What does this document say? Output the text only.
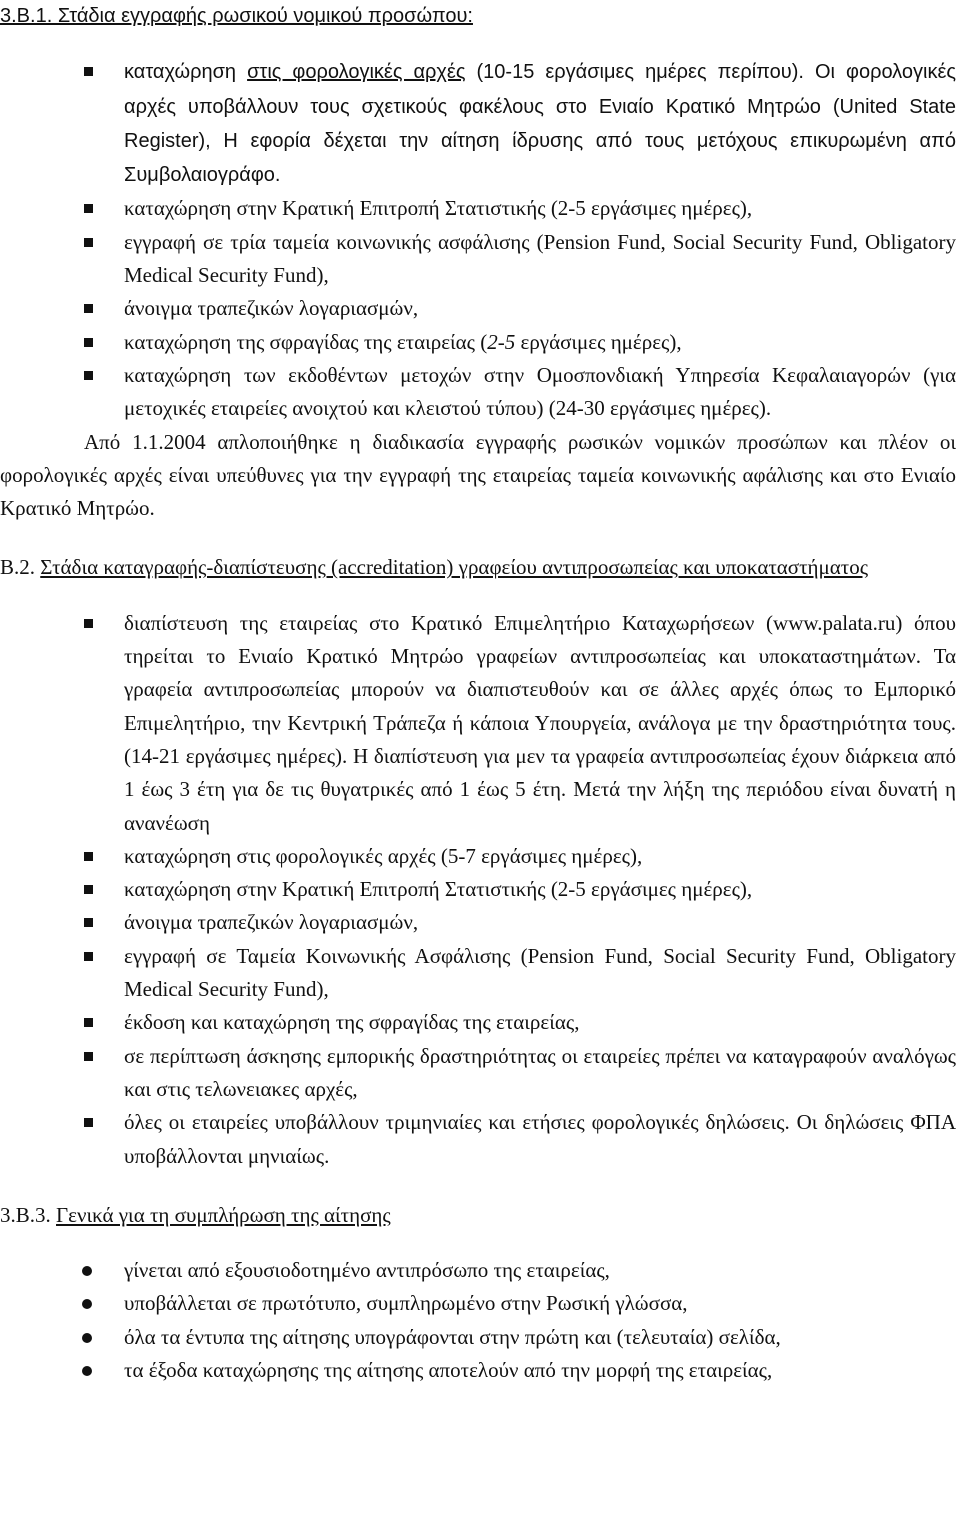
3.Β.1. Στάδια εγγραφής ρωσικού νομικού προσώπου:

καταχώρηση στις φορολογικές αρχές (10-15 εργάσιμες ημέρες περίπου). Οι φορολογικές αρχές υποβάλλουν τους σχετικούς φακέλους στο Ενιαίο Κρατικό Μητρώο (United State Register), Η εφορία δέχεται την αίτηση ίδρυσης από τους μετόχους επικυρωμένη από Συμβολαιογράφο.
καταχώρηση στην Κρατική Επιτροπή Στατιστικής (2-5 εργάσιμες ημέρες),
εγγραφή σε τρία ταμεία κοινωνικής ασφάλισης (Pension Fund, Social Security Fund, Obligatory Medical Security Fund),
άνοιγμα τραπεζικών λογαριασμών,
καταχώρηση της σφραγίδας της εταιρείας (2-5 εργάσιμες ημέρες),
καταχώρηση των εκδοθέντων μετοχών στην Ομοσπονδιακή Υπηρεσία Κεφαλαιαγορών (για μετοχικές εταιρείες ανοιχτού και κλειστού τύπου) (24-30 εργάσιμες ημέρες).

Από 1.1.2004 απλοποιήθηκε η διαδικασία εγγραφής ρωσικών νομικών προσώπων και πλέον οι φορολογικές αρχές είναι υπεύθυνες για την εγγραφή της εταιρείας ταμεία κοινωνικής αφάλισης και στο Ενιαίο Κρατικό Μητρώο.

Β.2. Στάδια καταγραφής-διαπίστευσης (accreditation) γραφείου αντιπροσωπείας και υποκαταστήματος

διαπίστευση της εταιρείας στο Κρατικό Επιμελητήριο Καταχωρήσεων (www.palata.ru) όπου τηρείται το Ενιαίο Κρατικό Μητρώο γραφείων αντιπροσωπείας και υποκαταστημάτων. Τα γραφεία αντιπροσωπείας μπορούν να διαπιστευθούν και σε άλλες αρχές όπως το Εμπορικό Επιμελητήριο, την Κεντρική Τράπεζα ή κάποια Υπουργεία, ανάλογα με την δραστηριότητα τους. (14-21 εργάσιμες ημέρες). Η διαπίστευση για μεν τα γραφεία αντιπροσωπείας έχουν διάρκεια από 1 έως 3 έτη για δε τις θυγατρικές από 1 έως 5 έτη. Μετά την λήξη της περιόδου είναι δυνατή η ανανέωση
καταχώρηση στις φορολογικές αρχές (5-7 εργάσιμες ημέρες),
καταχώρηση στην Κρατική Επιτροπή Στατιστικής (2-5 εργάσιμες ημέρες),
άνοιγμα τραπεζικών λογαριασμών,
εγγραφή σε Ταμεία Κοινωνικής Ασφάλισης (Pension Fund, Social Security Fund, Obligatory Medical Security Fund),
έκδοση και καταχώρηση της σφραγίδας της εταιρείας,
σε περίπτωση άσκησης εμπορικής δραστηριότητας οι εταιρείες πρέπει να καταγραφούν αναλόγως και στις τελωνειακες αρχές,
όλες οι εταιρείες υποβάλλουν τριμηνιαίες και ετήσιες φορολογικές δηλώσεις. Οι δηλώσεις ΦΠΑ υποβάλλονται μηνιαίως.

3.Β.3. Γενικά για τη συμπλήρωση της αίτησης

γίνεται από εξουσιοδοτημένο αντιπρόσωπο της εταιρείας,
υποβάλλεται σε πρωτότυπο, συμπληρωμένο στην Ρωσική γλώσσα,
όλα τα έντυπα της αίτησης υπογράφονται στην πρώτη και (τελευταία) σελίδα,
τα έξοδα καταχώρησης της αίτησης αποτελούν από την μορφή της εταιρείας,
